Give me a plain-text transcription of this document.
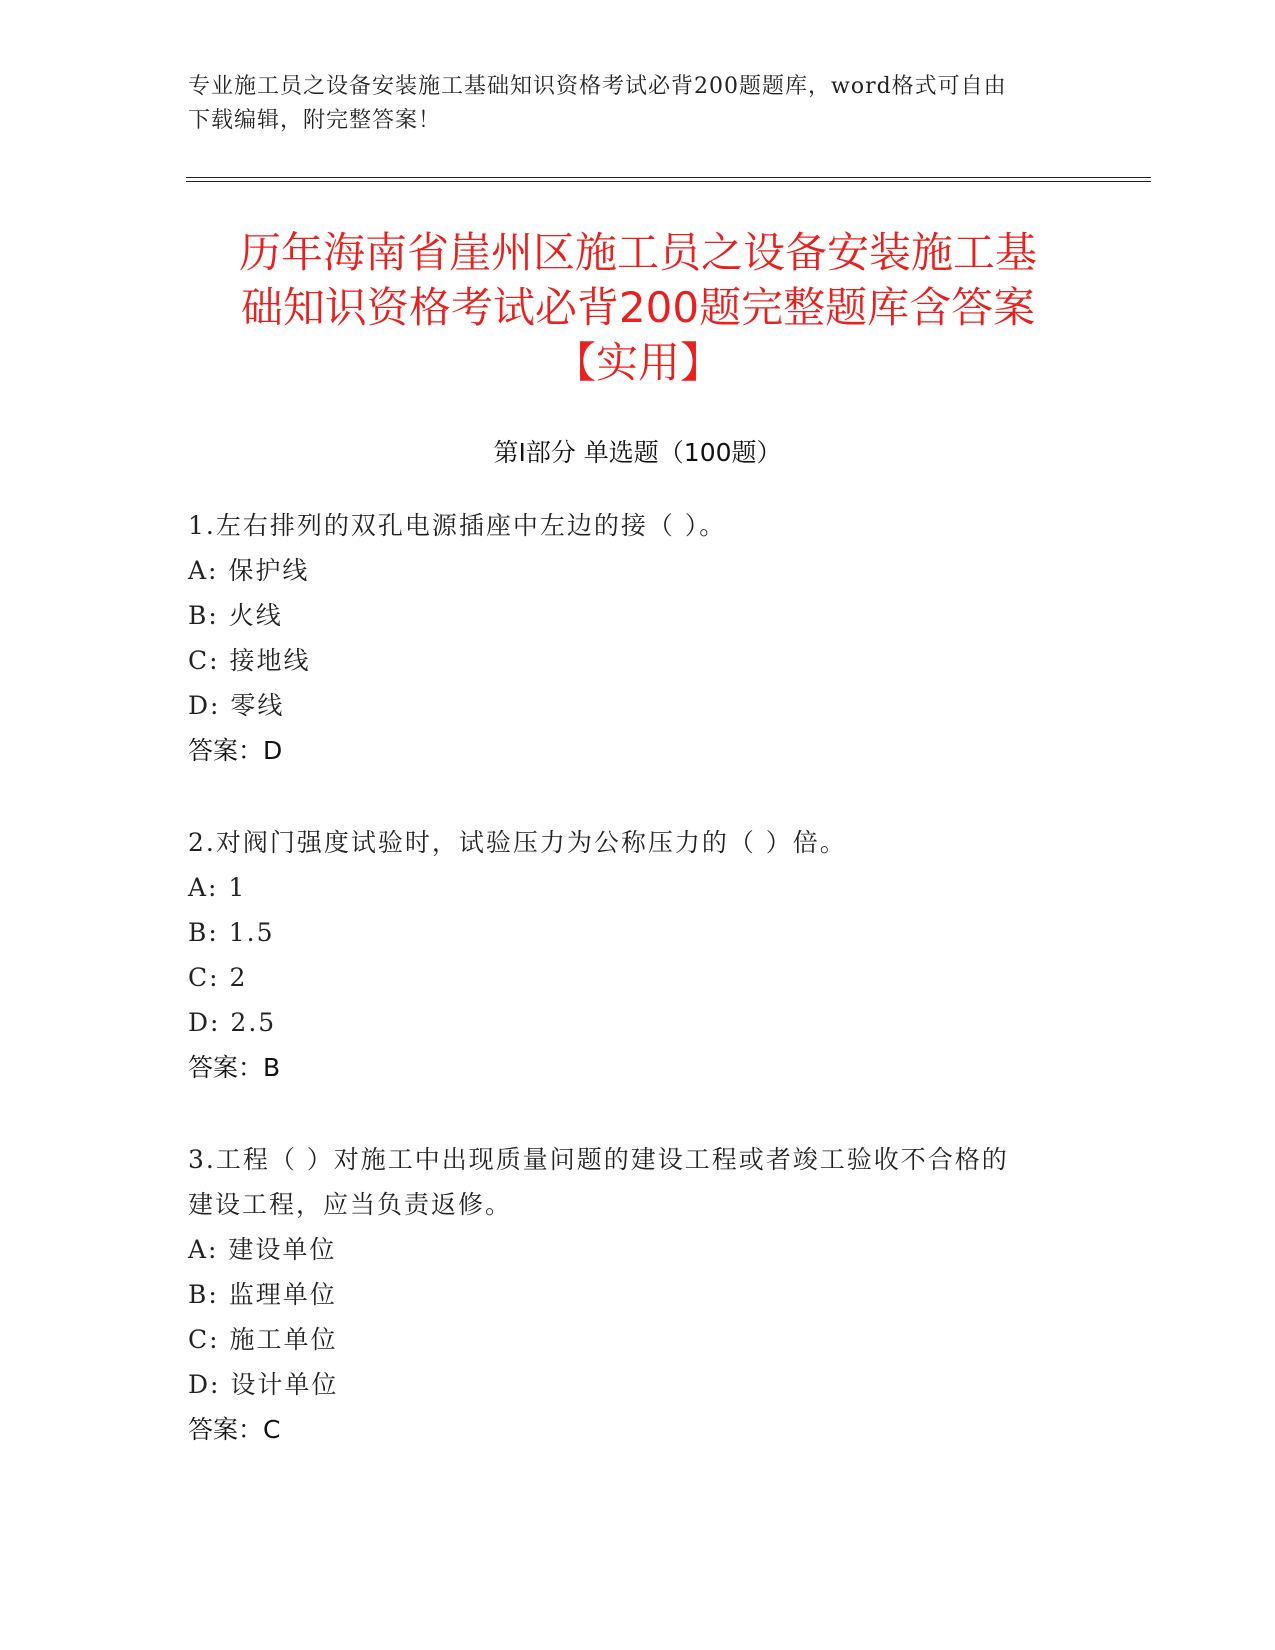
专业施工员之设备安装施工基础知识资格考试必背200题题库，word格式可自由
下载编辑，附完整答案！
历年海南省崖州区施工员之设备安装施工基
础知识资格考试必背200题完整题库含答案
【实用】
第Ⅰ部分 单选题（100题）
1.左右排列的双孔电源插座中左边的接（ ）。
A: 保护线
B: 火线
C: 接地线
D: 零线
答案：D
2.对阀门强度试验时，试验压力为公称压力的（ ）倍。
A: 1
B: 1.5
C: 2
D: 2.5
答案：B
3.工程（ ）对施工中出现质量问题的建设工程或者竣工验收不合格的
建设工程，应当负责返修。
A: 建设单位
B: 监理单位
C: 施工单位
D: 设计单位
答案：C
